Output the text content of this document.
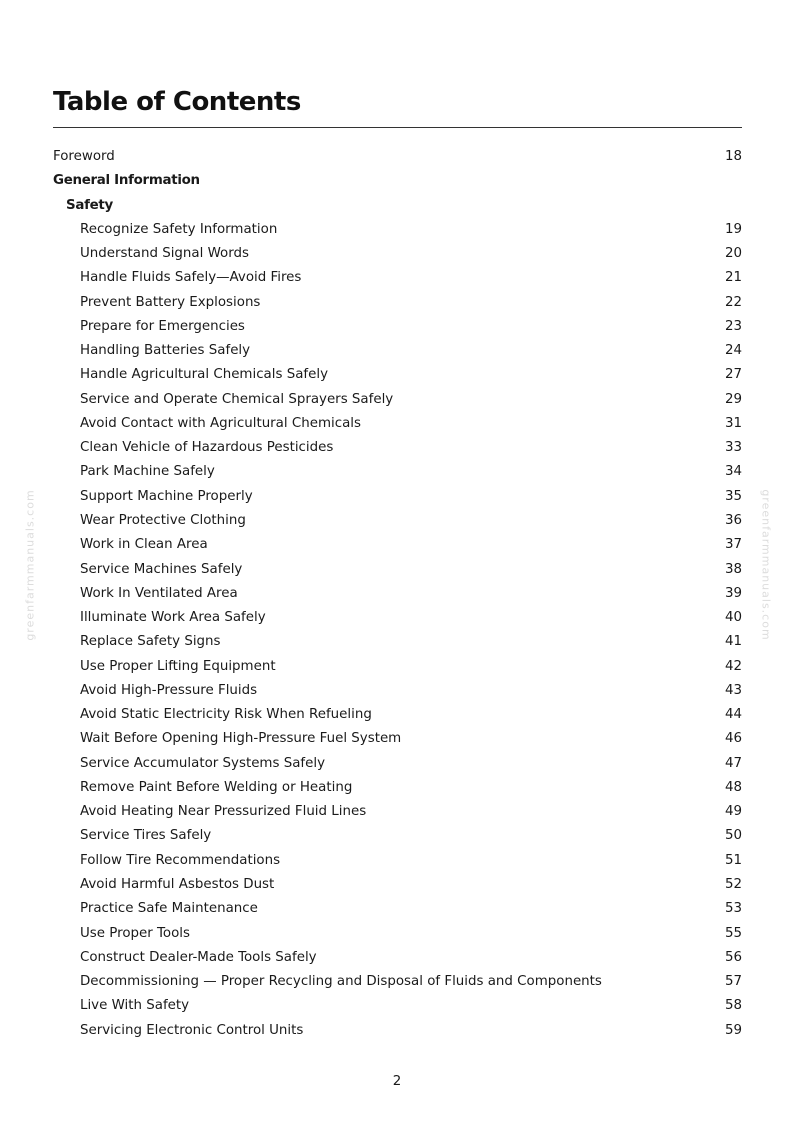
Table of Contents
Foreword	18
General Information
Safety
Recognize Safety Information	19
Understand Signal Words	20
Handle Fluids Safely—Avoid Fires	21
Prevent Battery Explosions	22
Prepare for Emergencies	23
Handling Batteries Safely	24
Handle Agricultural Chemicals Safely	27
Service and Operate Chemical Sprayers Safely	29
Avoid Contact with Agricultural Chemicals	31
Clean Vehicle of Hazardous Pesticides	33
Park Machine Safely	34
Support Machine Properly	35
Wear Protective Clothing	36
Work in Clean Area	37
Service Machines Safely	38
Work In Ventilated Area	39
Illuminate Work Area Safely	40
Replace Safety Signs	41
Use Proper Lifting Equipment	42
Avoid High-Pressure Fluids	43
Avoid Static Electricity Risk When Refueling	44
Wait Before Opening High-Pressure Fuel System	46
Service Accumulator Systems Safely	47
Remove Paint Before Welding or Heating	48
Avoid Heating Near Pressurized Fluid Lines	49
Service Tires Safely	50
Follow Tire Recommendations	51
Avoid Harmful Asbestos Dust	52
Practice Safe Maintenance	53
Use Proper Tools	55
Construct Dealer-Made Tools Safely	56
Decommissioning — Proper Recycling and Disposal of Fluids and Components	57
Live With Safety	58
Servicing Electronic Control Units	59
greenfarmmanuals.com	greenfarmmanuals.com
2
